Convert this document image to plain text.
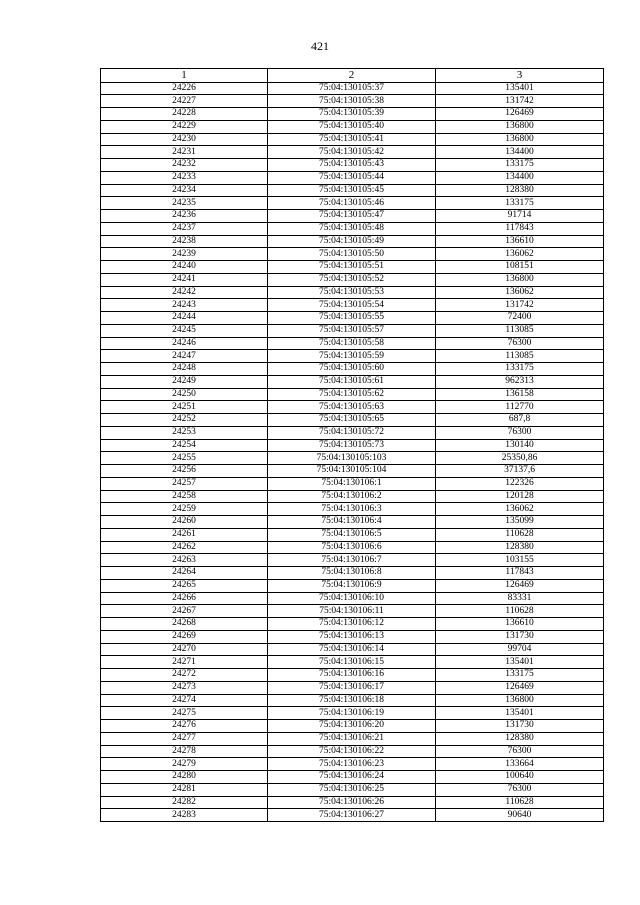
421
1	2	3
24226	75:04:130105:37	135401
24227	75:04:130105:38	131742
24228	75:04:130105:39	126469
24229	75:04:130105:40	136800
24230	75:04:130105:41	136800
24231	75:04:130105:42	134400
24232	75:04:130105:43	133175
24233	75:04:130105:44	134400
24234	75:04:130105:45	128380
24235	75:04:130105:46	133175
24236	75:04:130105:47	91714
24237	75:04:130105:48	117843
24238	75:04:130105:49	136610
24239	75:04:130105:50	136062
24240	75:04:130105:51	108151
24241	75:04:130105:52	136800
24242	75:04:130105:53	136062
24243	75:04:130105:54	131742
24244	75:04:130105:55	72400
24245	75:04:130105:57	113085
24246	75:04:130105:58	76300
24247	75:04:130105:59	113085
24248	75:04:130105:60	133175
24249	75:04:130105:61	962313
24250	75:04:130105:62	136158
24251	75:04:130105:63	112770
24252	75:04:130105:65	687,8
24253	75:04:130105:72	76300
24254	75:04:130105:73	130140
24255	75:04:130105:103	25350,86
24256	75:04:130105:104	37137,6
24257	75:04:130106:1	122326
24258	75:04:130106:2	120128
24259	75:04:130106:3	136062
24260	75:04:130106:4	135099
24261	75:04:130106:5	110628
24262	75:04:130106:6	128380
24263	75:04:130106:7	103155
24264	75:04:130106:8	117843
24265	75:04:130106:9	126469
24266	75:04:130106:10	83331
24267	75:04:130106:11	110628
24268	75:04:130106:12	136610
24269	75:04:130106:13	131730
24270	75:04:130106:14	99704
24271	75:04:130106:15	135401
24272	75:04:130106:16	133175
24273	75:04:130106:17	126469
24274	75:04:130106:18	136800
24275	75:04:130106:19	135401
24276	75:04:130106:20	131730
24277	75:04:130106:21	128380
24278	75:04:130106:22	76300
24279	75:04:130106:23	133664
24280	75:04:130106:24	100640
24281	75:04:130106:25	76300
24282	75:04:130106:26	110628
24283	75:04:130106:27	90640
